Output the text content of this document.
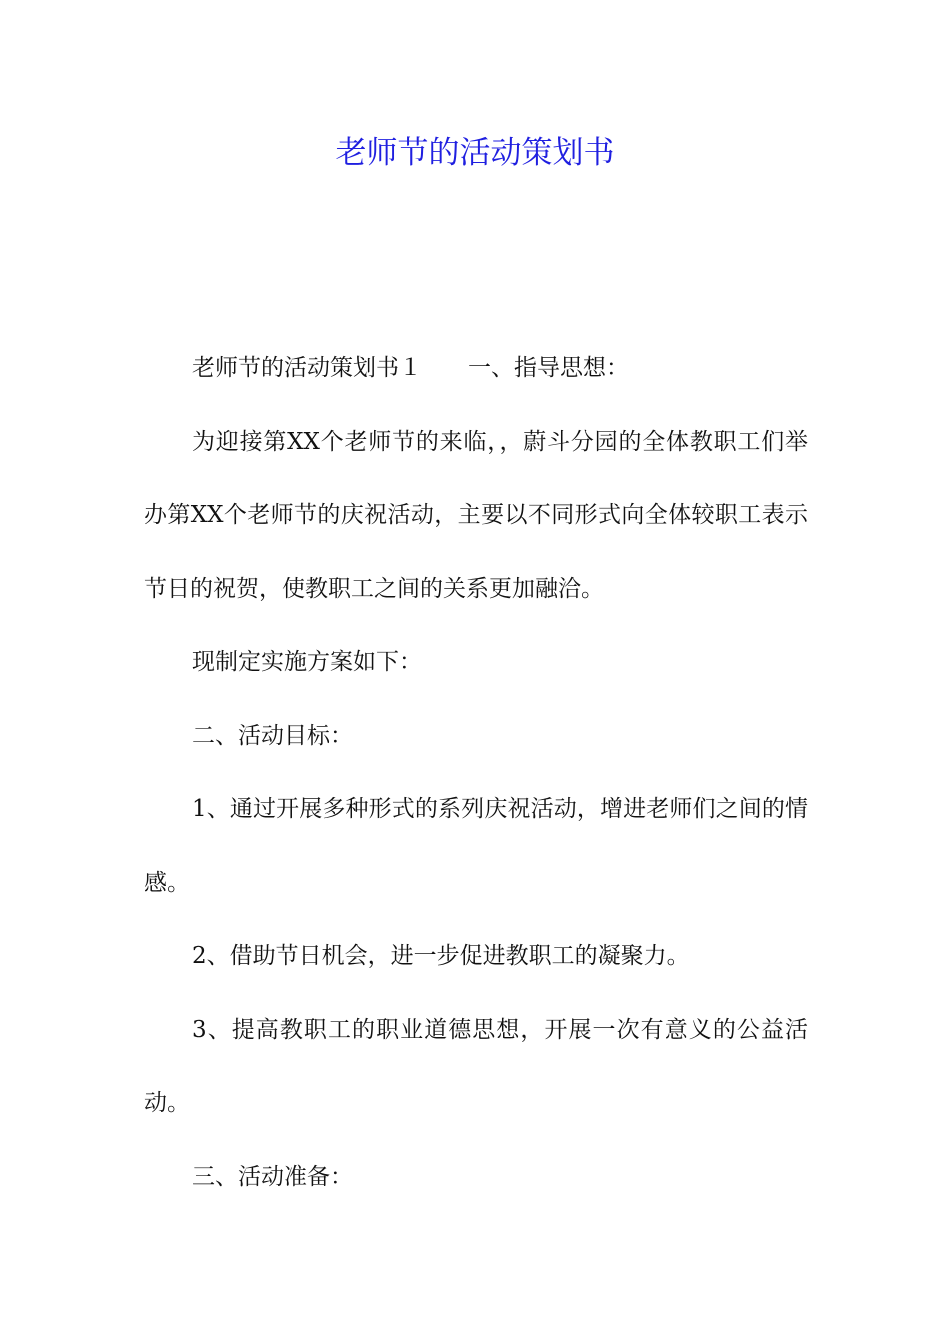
老师节的活动策划书

老师节的活动策划书１ 一、指导思想：

为迎接第XX个老师节的来临，，蔚斗分园的全体教职工们举办第XX个老师节的庆祝活动，主要以不同形式向全体较职工表示节日的祝贺，使教职工之间的关系更加融洽。

现制定实施方案如下：

二、活动目标：

1、通过开展多种形式的系列庆祝活动，增进老师们之间的情感。

2、借助节日机会，进一步促进教职工的凝聚力。

3、提高教职工的职业道德思想，开展一次有意义的公益活动。

三、活动准备：
